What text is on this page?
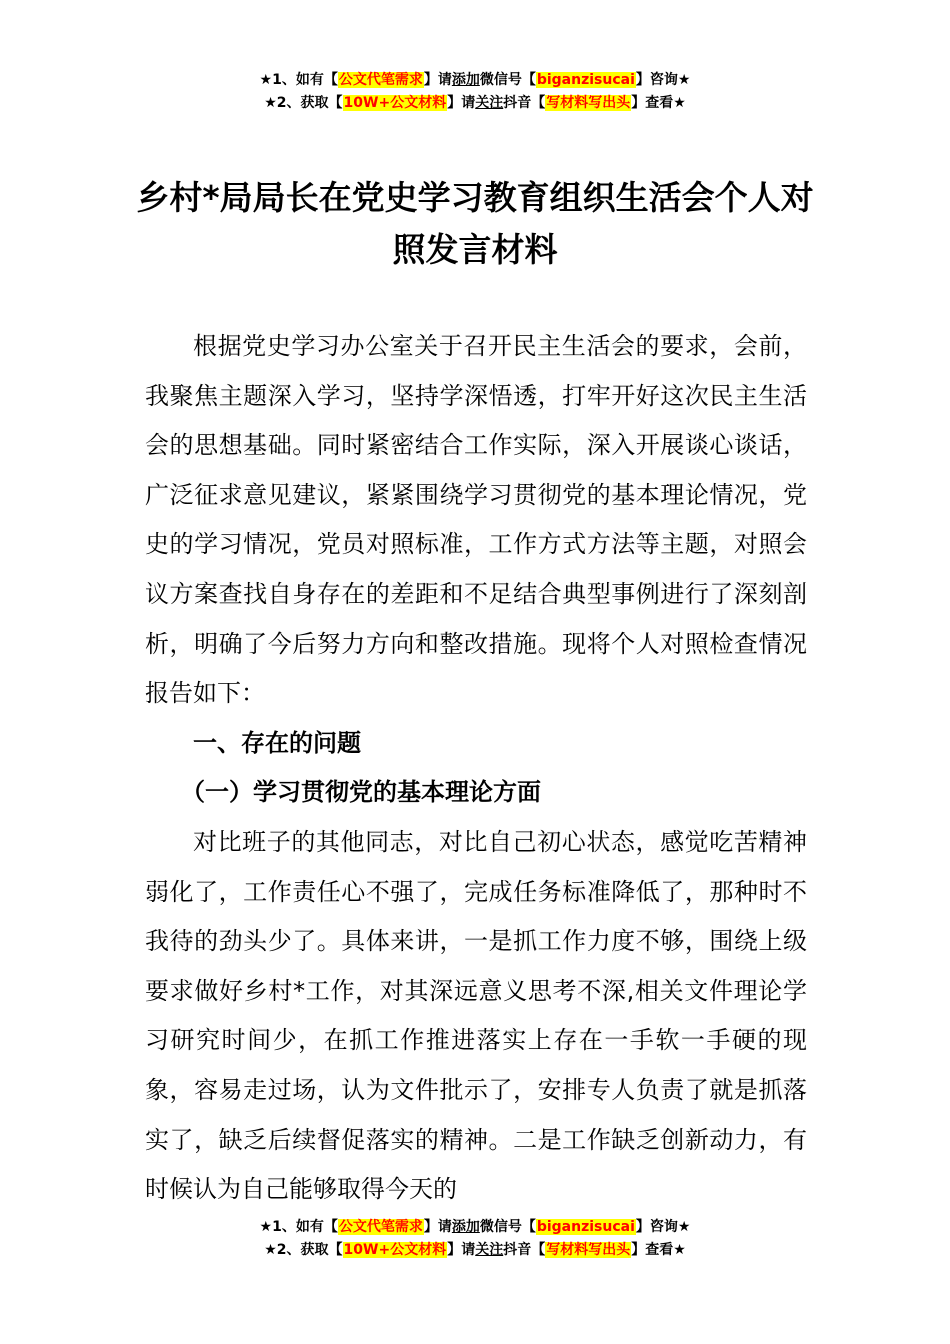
★1、如有【公文代笔需求】请添加微信号【biganzisucai】咨询★
★2、获取【10W+公文材料】请关注抖音【写材料写出头】查看★
乡村*局局长在党史学习教育组织生活会个人对照发言材料

根据党史学习办公室关于召开民主生活会的要求，会前，我聚焦主题深入学习，坚持学深悟透，打牢开好这次民主生活会的思想基础。同时紧密结合工作实际，深入开展谈心谈话，广泛征求意见建议，紧紧围绕学习贯彻党的基本理论情况，党史的学习情况，党员对照标准，工作方式方法等主题，对照会议方案查找自身存在的差距和不足结合典型事例进行了深刻剖析，明确了今后努力方向和整改措施。现将个人对照检查情况报告如下：

一、存在的问题

（一）学习贯彻党的基本理论方面

对比班子的其他同志，对比自己初心状态，感觉吃苦精神弱化了，工作责任心不强了，完成任务标准降低了，那种时不我待的劲头少了。具体来讲，一是抓工作力度不够，围绕上级要求做好乡村*工作，对其深远意义思考不深,相关文件理论学习研究时间少，在抓工作推进落实上存在一手软一手硬的现象，容易走过场，认为文件批示了，安排专人负责了就是抓落实了，缺乏后续督促落实的精神。二是工作缺乏创新动力，有时候认为自己能够取得今天的

★1、如有【公文代笔需求】请添加微信号【biganzisucai】咨询★
★2、获取【10W+公文材料】请关注抖音【写材料写出头】查看★
